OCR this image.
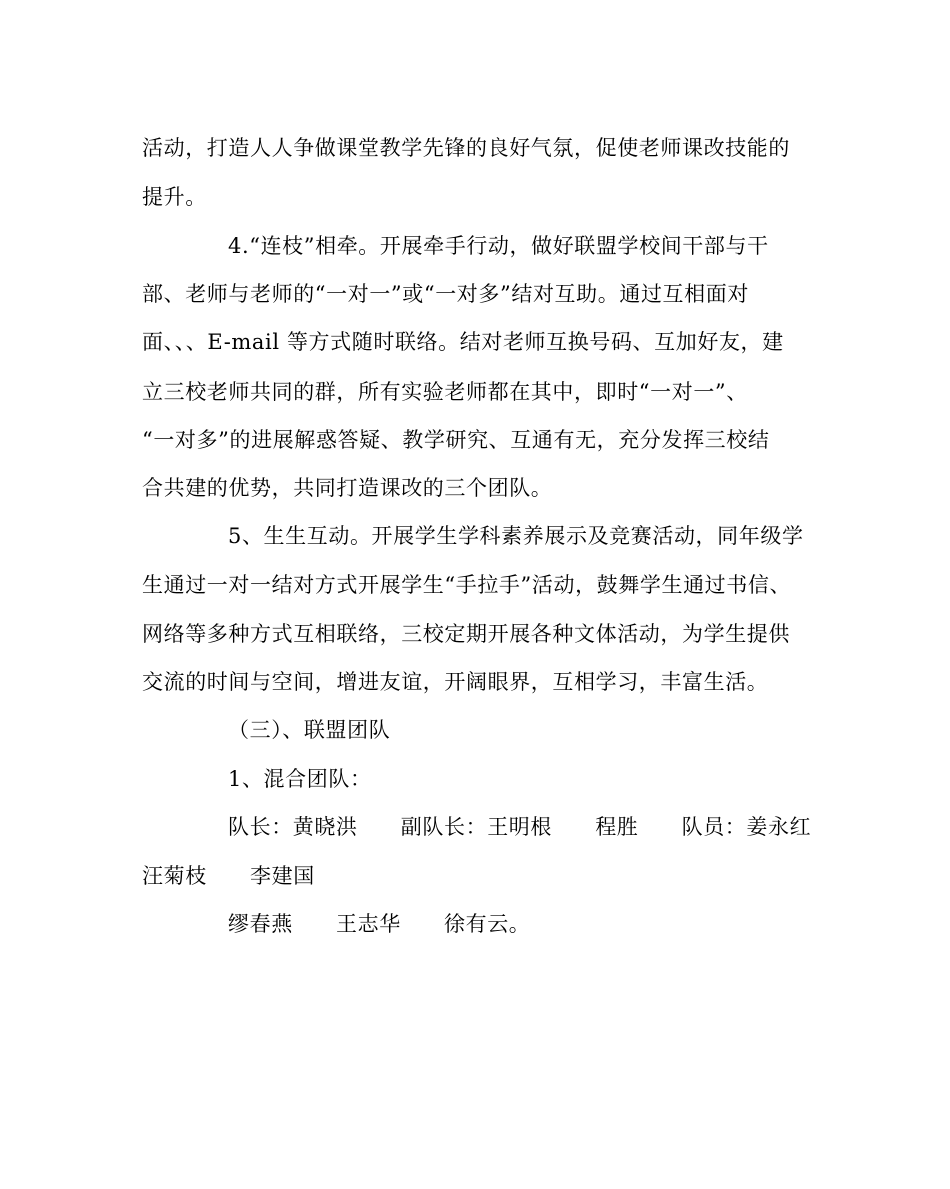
活动，打造人人争做课堂教学先锋的良好气氛，促使老师课改技能的
提升。
4.“连枝”相牵。开展牵手行动，做好联盟学校间干部与干
部、老师与老师的“一对一”或“一对多”结对互助。通过互相面对
面、、、E-mail 等方式随时联络。结对老师互换号码、互加好友，建
立三校老师共同的群，所有实验老师都在其中，即时“一对一”、
“一对多”的进展解惑答疑、教学研究、互通有无，充分发挥三校结
合共建的优势，共同打造课改的三个团队。
5、生生互动。开展学生学科素养展示及竞赛活动，同年级学
生通过一对一结对方式开展学生“手拉手”活动，鼓舞学生通过书信、
网络等多种方式互相联络，三校定期开展各种文体活动，为学生提供
交流的时间与空间，增进友谊，开阔眼界，互相学习，丰富生活。
（三）、联盟团队
1、混合团队：
队长：黄晓洪　　副队长：王明根　　程胜　　队员：姜永红
汪菊枝　　李建国
缪春燕　　王志华　　徐有云。
